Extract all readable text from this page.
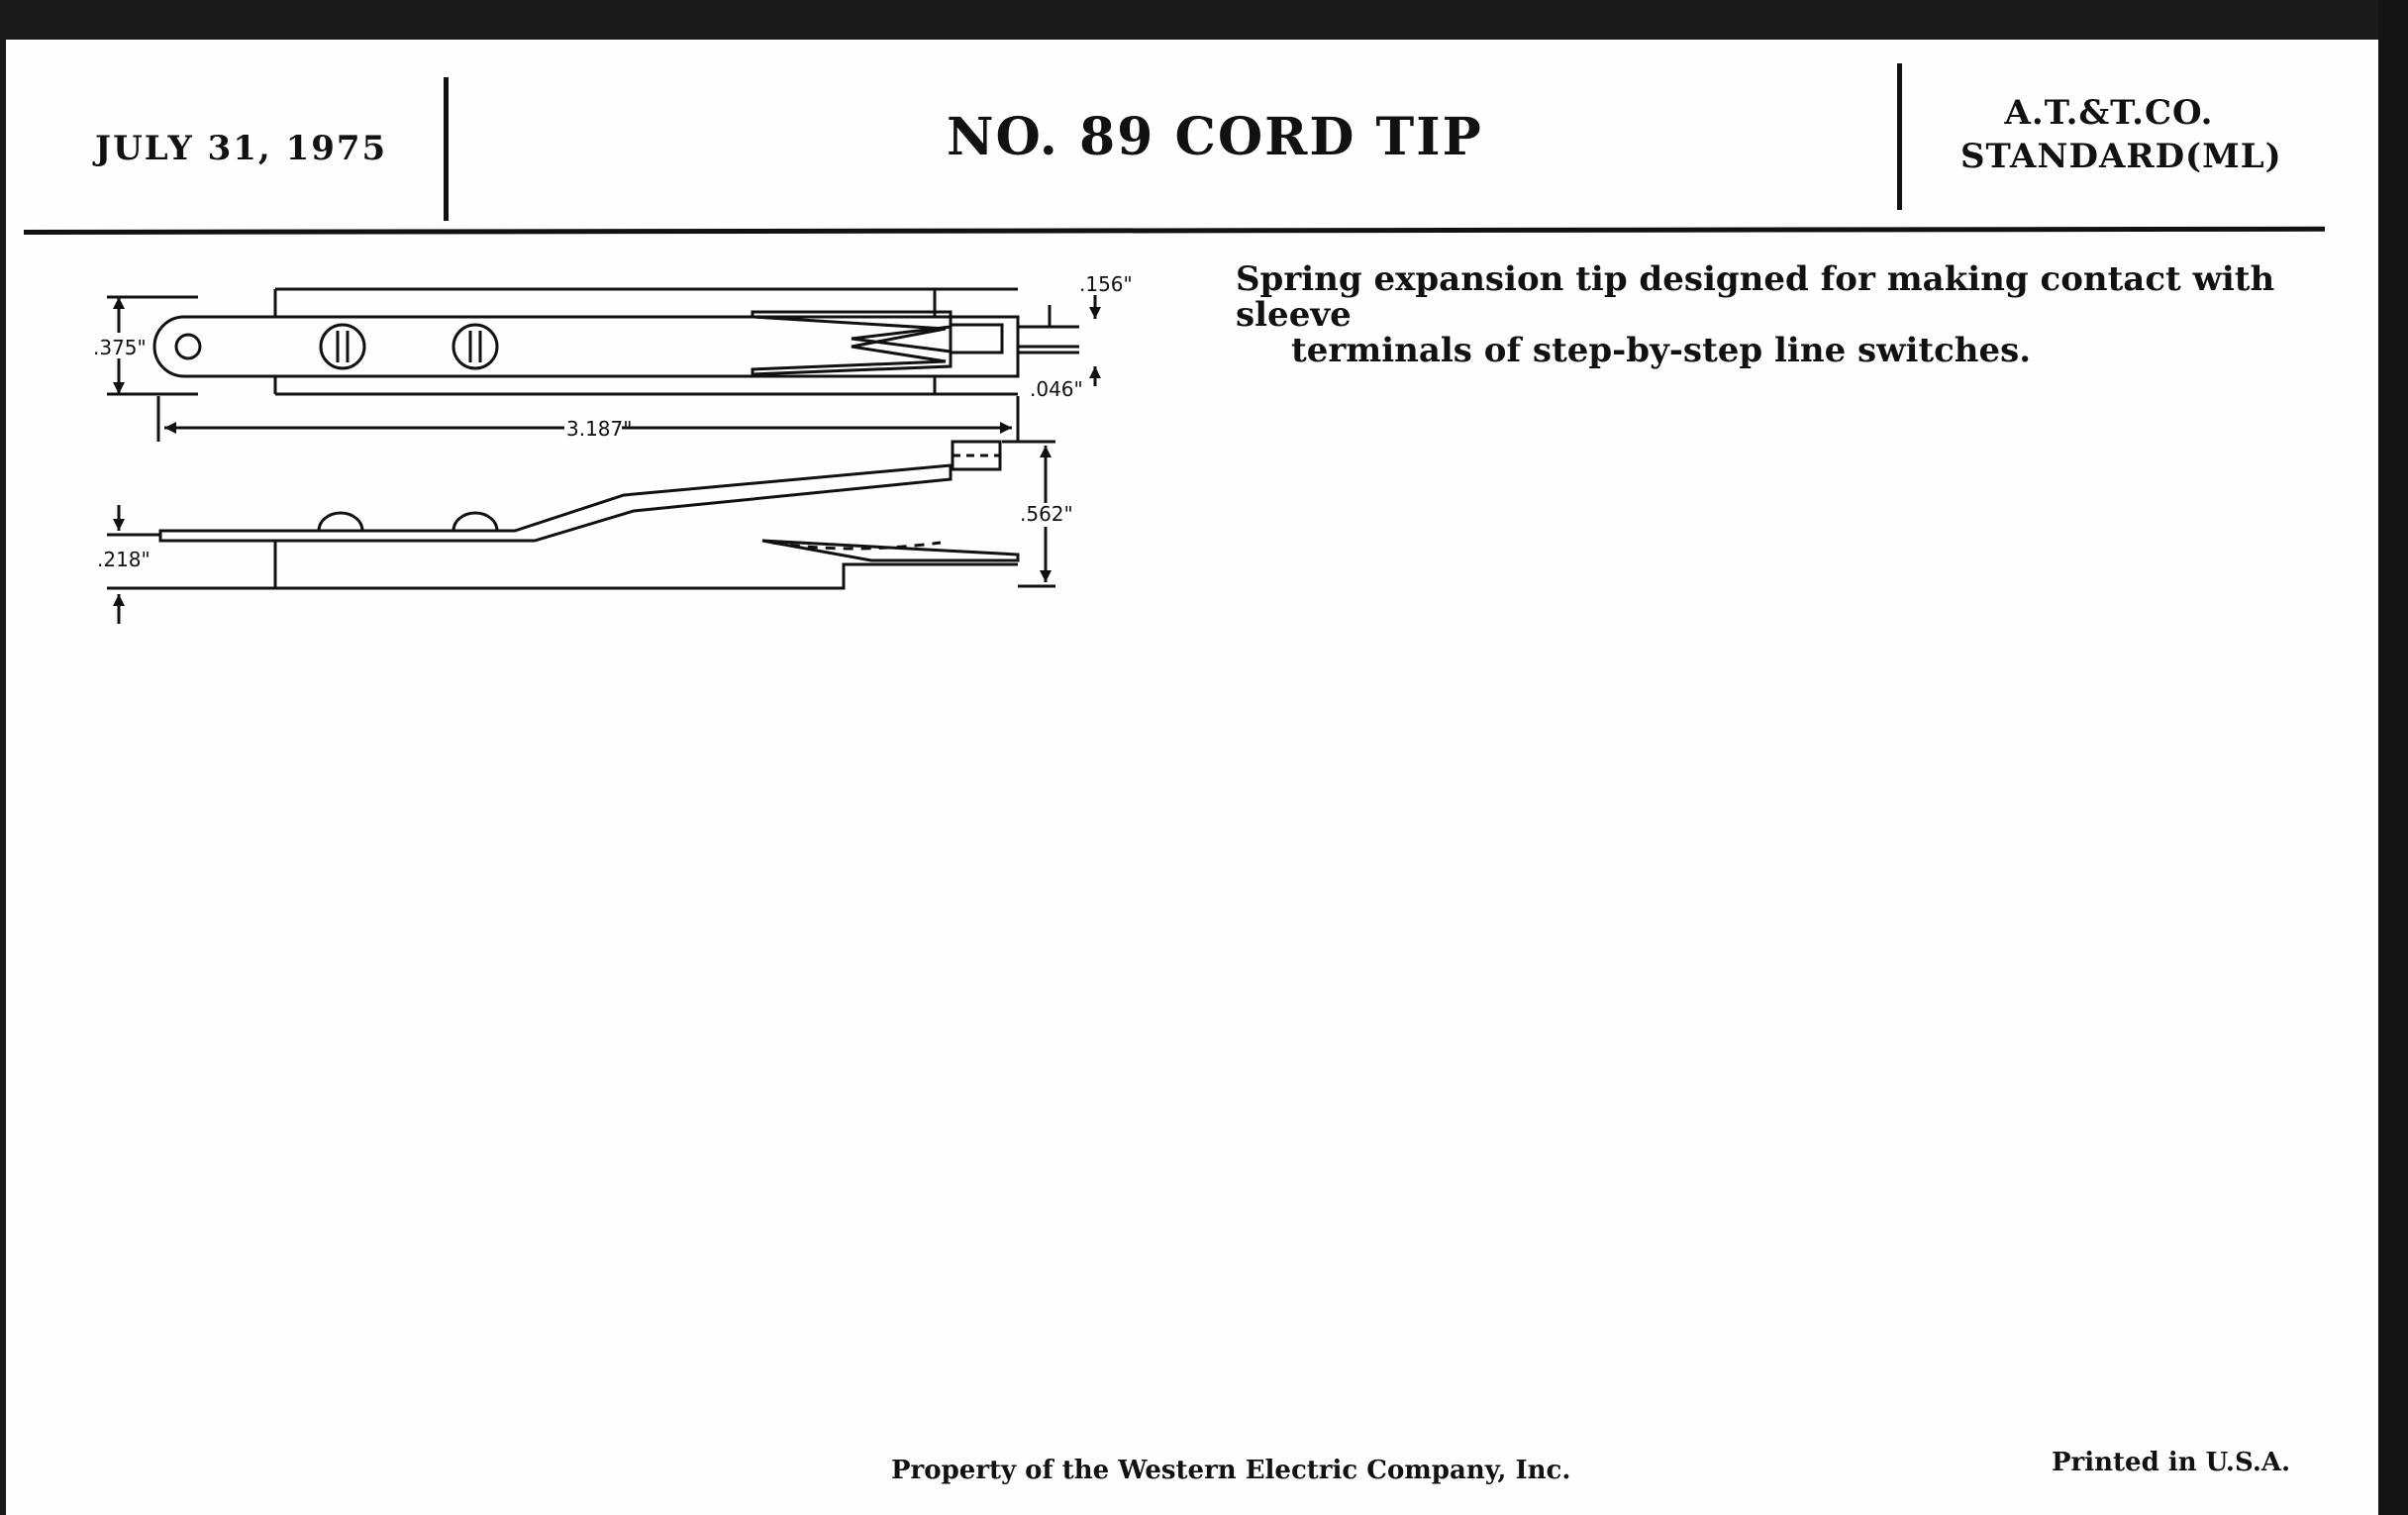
JULY 31, 1975	NO. 89 CORD TIP	A.T.&T.CO.
STANDARD(ML)
.375"
.156"
.046"
3.187"
.562"
.218"
Spring expansion tip designed for making contact with sleeve
terminals of step-by-step line switches.
Property of the Western Electric Company, Inc.	Printed in U.S.A.
